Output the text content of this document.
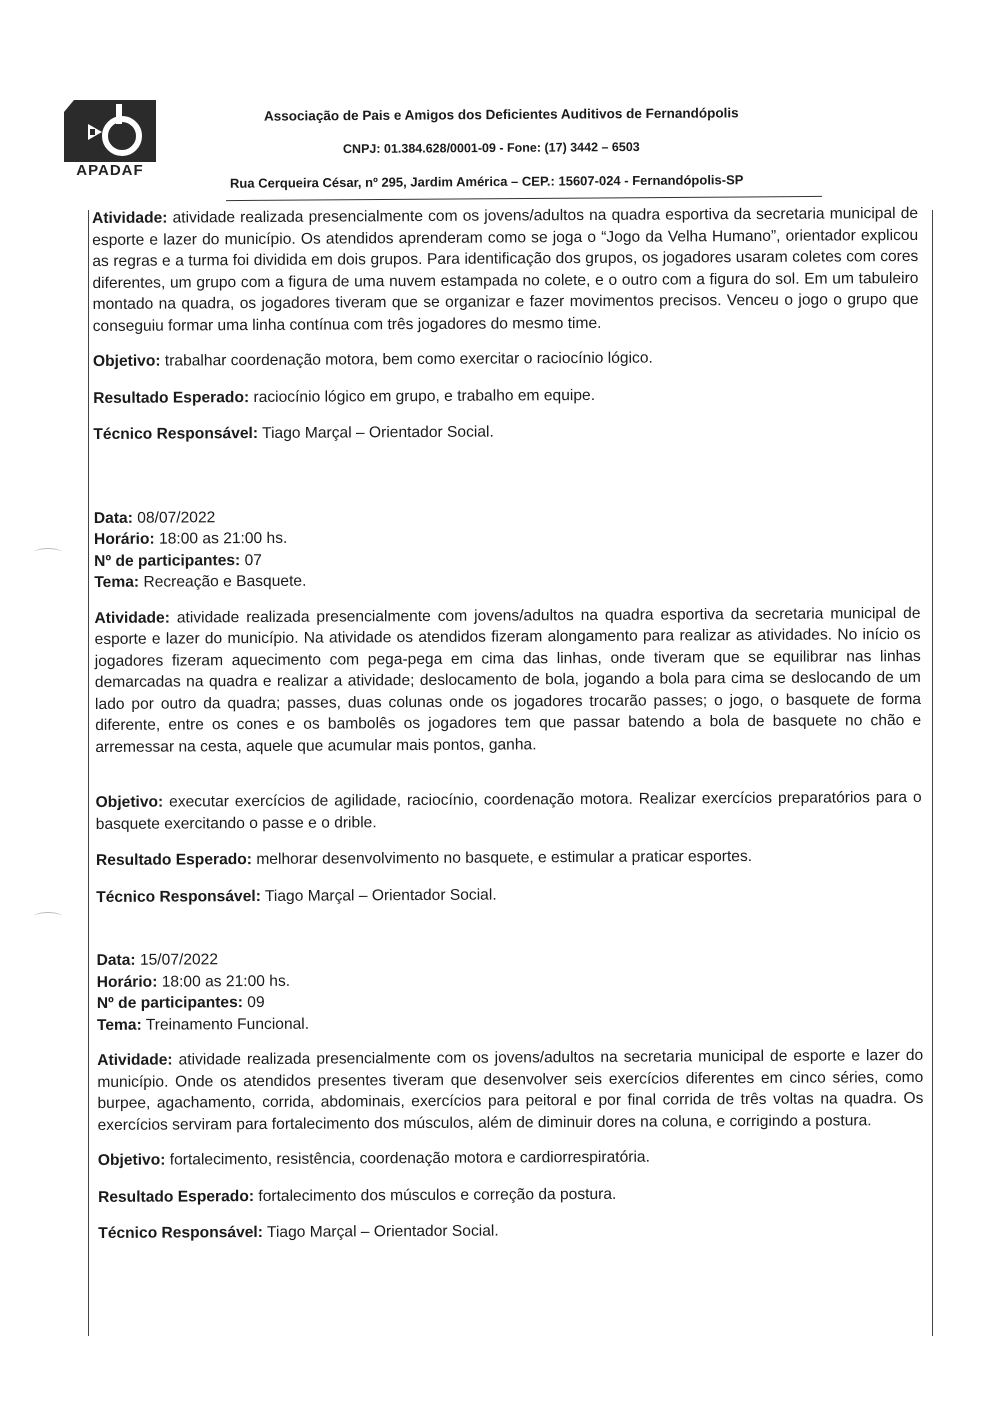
APADAF
Associação de Pais e Amigos dos Deficientes Auditivos de Fernandópolis
CNPJ: 01.384.628/0001-09 - Fone: (17) 3442 – 6503
Rua Cerqueira César, nº 295, Jardim América – CEP.: 15607-024 - Fernandópolis-SP

Atividade: atividade realizada presencialmente com os jovens/adultos na quadra esportiva da secretaria municipal de esporte e lazer do município. Os atendidos aprenderam como se joga o “Jogo da Velha Humano”, orientador explicou as regras e a turma foi dividida em dois grupos. Para identificação dos grupos, os jogadores usaram coletes com cores diferentes, um grupo com a figura de uma nuvem estampada no colete, e o outro com a figura do sol. Em um tabuleiro montado na quadra, os jogadores tiveram que se organizar e fazer movimentos precisos. Venceu o jogo o grupo que conseguiu formar uma linha contínua com três jogadores do mesmo time.

Objetivo: trabalhar coordenação motora, bem como exercitar o raciocínio lógico.

Resultado Esperado: raciocínio lógico em grupo, e trabalho em equipe.

Técnico Responsável: Tiago Marçal – Orientador Social.

Data: 08/07/2022

Horário: 18:00 as 21:00 hs.

Nº de participantes: 07

Tema: Recreação e Basquete.

Atividade: atividade realizada presencialmente com jovens/adultos na quadra esportiva da secretaria municipal de esporte e lazer do município. Na atividade os atendidos fizeram alongamento para realizar as atividades. No início os jogadores fizeram aquecimento com pega-pega em cima das linhas, onde tiveram que se equilibrar nas linhas demarcadas na quadra e realizar a atividade; deslocamento de bola, jogando a bola para cima se deslocando de um lado por outro da quadra; passes, duas colunas onde os jogadores trocarão passes; o jogo, o basquete de forma diferente, entre os cones e os bambolês os jogadores tem que passar batendo a bola de basquete no chão e arremessar na cesta, aquele que acumular mais pontos, ganha.

Objetivo: executar exercícios de agilidade, raciocínio, coordenação motora. Realizar exercícios preparatórios para o basquete exercitando o passe e o drible.

Resultado Esperado: melhorar desenvolvimento no basquete, e estimular a praticar esportes.

Técnico Responsável: Tiago Marçal – Orientador Social.

Data: 15/07/2022

Horário: 18:00 as 21:00 hs.

Nº de participantes: 09

Tema: Treinamento Funcional.

Atividade: atividade realizada presencialmente com os jovens/adultos na secretaria municipal de esporte e lazer do município. Onde os atendidos presentes tiveram que desenvolver seis exercícios diferentes em cinco séries, como burpee, agachamento, corrida, abdominais, exercícios para peitoral e por final corrida de três voltas na quadra. Os exercícios serviram para fortalecimento dos músculos, além de diminuir dores na coluna, e corrigindo a postura.

Objetivo: fortalecimento, resistência, coordenação motora e cardiorrespiratória.

Resultado Esperado: fortalecimento dos músculos e correção da postura.

Técnico Responsável: Tiago Marçal – Orientador Social.
